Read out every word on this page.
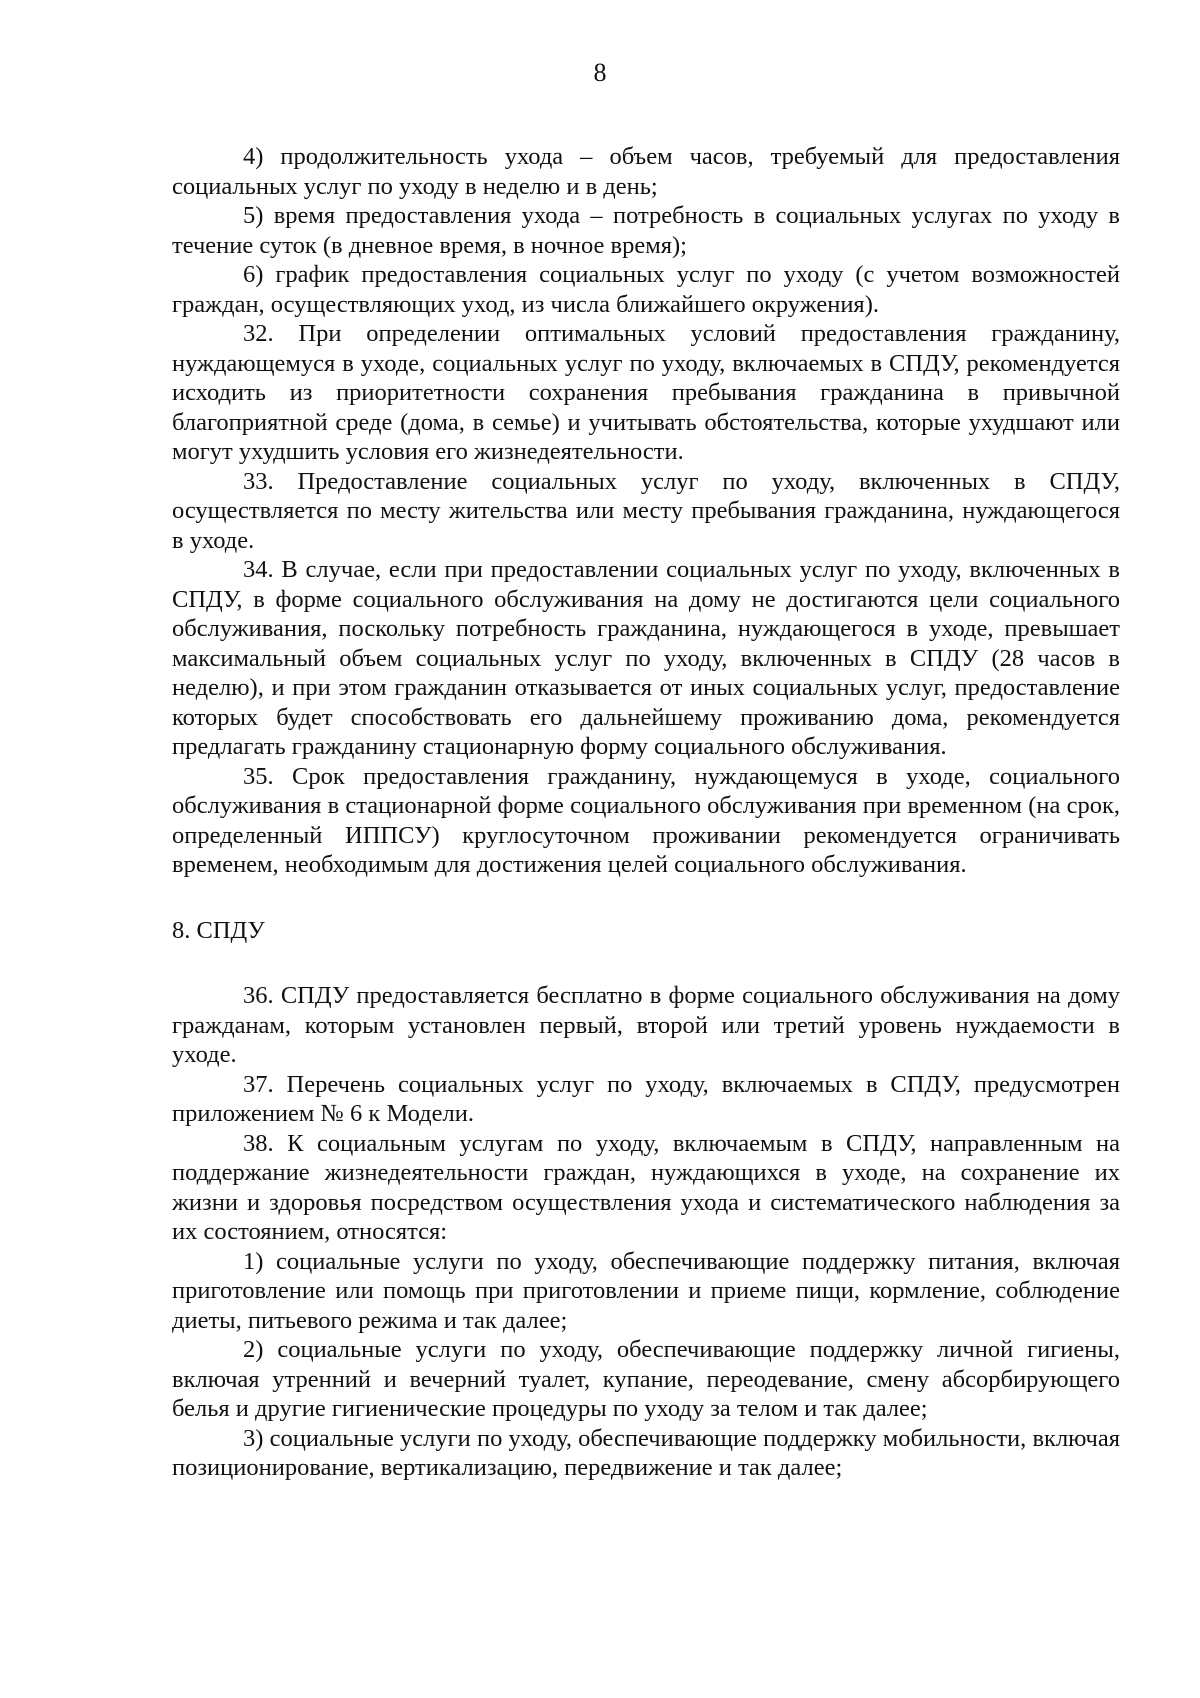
8

4) продолжительность ухода – объем часов, требуемый для предоставления социальных услуг по уходу в неделю и в день;

5) время предоставления ухода – потребность в социальных услугах по уходу в течение суток (в дневное время, в ночное время);

6) график предоставления социальных услуг по уходу (с учетом возможностей граждан, осуществляющих уход, из числа ближайшего окружения).

32. При определении оптимальных условий предоставления гражданину, нуждающемуся в уходе, социальных услуг по уходу, включаемых в СПДУ, рекомендуется исходить из приоритетности сохранения пребывания гражданина в привычной благоприятной среде (дома, в семье) и учитывать обстоятельства, которые ухудшают или могут ухудшить условия его жизнедеятельности.

33. Предоставление социальных услуг по уходу, включенных в СПДУ, осуществляется по месту жительства или месту пребывания гражданина, нуждающегося в уходе.

34. В случае, если при предоставлении социальных услуг по уходу, включенных в СПДУ, в форме социального обслуживания на дому не достигаются цели социального обслуживания, поскольку потребность гражданина, нуждающегося в уходе, превышает максимальный объем социальных услуг по уходу, включенных в СПДУ (28 часов в неделю), и при этом гражданин отказывается от иных социальных услуг, предоставление которых будет способствовать его дальнейшему проживанию дома, рекомендуется предлагать гражданину стационарную форму социального обслуживания.

35. Срок предоставления гражданину, нуждающемуся в уходе, социального обслуживания в стационарной форме социального обслуживания при временном (на срок, определенный ИППСУ) круглосуточном проживании рекомендуется ограничивать временем, необходимым для достижения целей социального обслуживания.

8. СПДУ

36. СПДУ предоставляется бесплатно в форме социального обслуживания на дому гражданам, которым установлен первый, второй или третий уровень нуждаемости в уходе.

37. Перечень социальных услуг по уходу, включаемых в СПДУ, предусмотрен приложением № 6 к Модели.

38. К социальным услугам по уходу, включаемым в СПДУ, направленным на поддержание жизнедеятельности граждан, нуждающихся в уходе, на сохранение их жизни и здоровья посредством осуществления ухода и систематического наблюдения за их состоянием, относятся:

1) социальные услуги по уходу, обеспечивающие поддержку питания, включая приготовление или помощь при приготовлении и приеме пищи, кормление, соблюдение диеты, питьевого режима и так далее;

2) социальные услуги по уходу, обеспечивающие поддержку личной гигиены, включая утренний и вечерний туалет, купание, переодевание, смену абсорбирующего белья и другие гигиенические процедуры по уходу за телом и так далее;

3) социальные услуги по уходу, обеспечивающие поддержку мобильности, включая позиционирование, вертикализацию, передвижение и так далее;
